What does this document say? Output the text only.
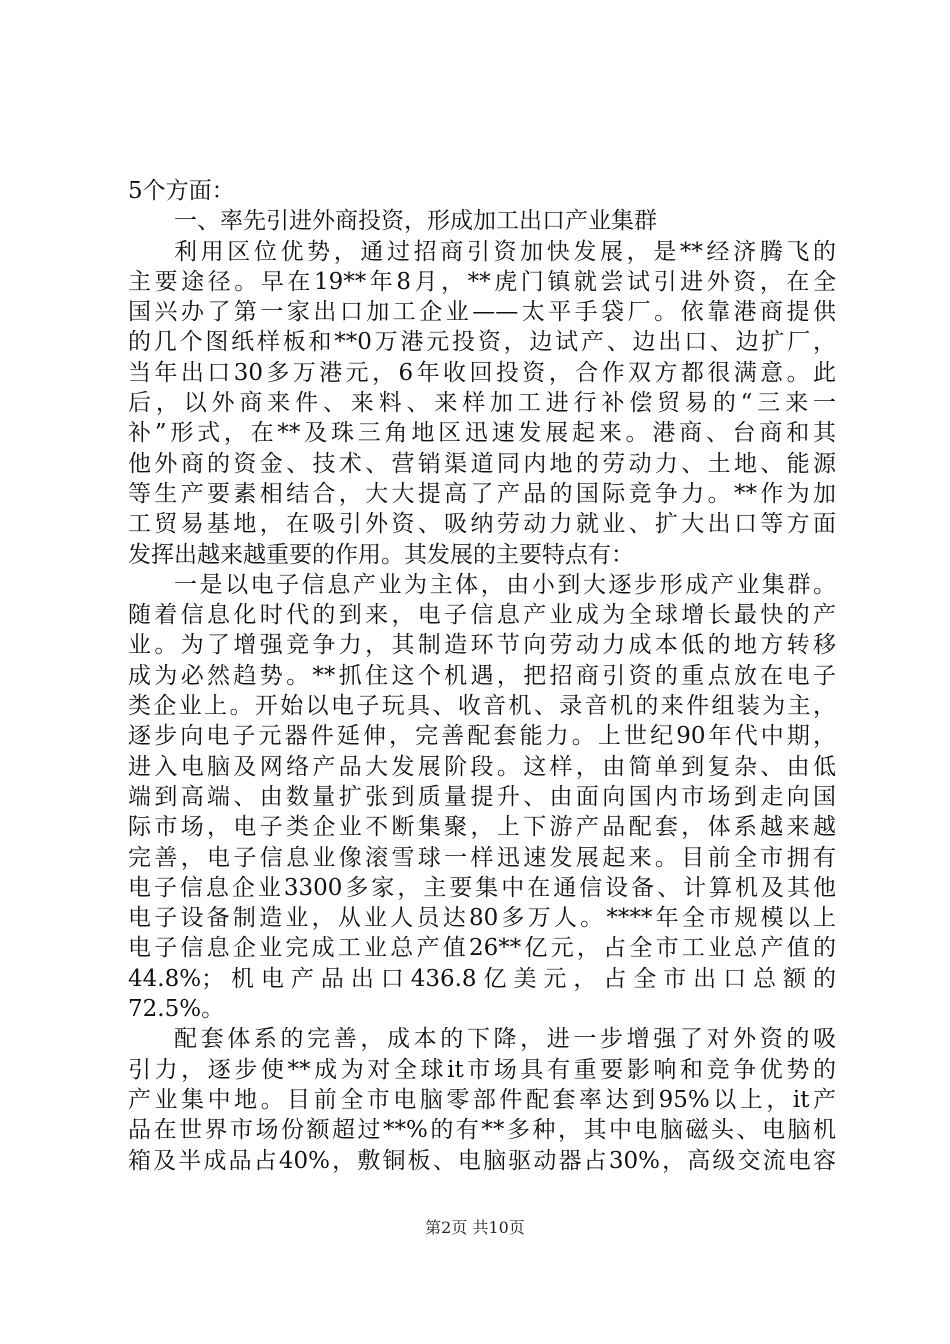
5个方面：
一、率先引进外商投资，形成加工出口产业集群
利用区位优势，通过招商引资加快发展，是**经济腾飞的
主要途径。早在19**年8月，**虎门镇就尝试引进外资，在全
国兴办了第一家出口加工企业——太平手袋厂。依靠港商提供
的几个图纸样板和**0万港元投资，边试产、边出口、边扩厂，
当年出口30多万港元，6年收回投资，合作双方都很满意。此
后，以外商来件、来料、来样加工进行补偿贸易的“三来一
补”形式，在**及珠三角地区迅速发展起来。港商、台商和其
他外商的资金、技术、营销渠道同内地的劳动力、土地、能源
等生产要素相结合，大大提高了产品的国际竞争力。**作为加
工贸易基地，在吸引外资、吸纳劳动力就业、扩大出口等方面
发挥出越来越重要的作用。其发展的主要特点有：
一是以电子信息产业为主体，由小到大逐步形成产业集群。
随着信息化时代的到来，电子信息产业成为全球增长最快的产
业。为了增强竞争力，其制造环节向劳动力成本低的地方转移
成为必然趋势。**抓住这个机遇，把招商引资的重点放在电子
类企业上。开始以电子玩具、收音机、录音机的来件组装为主，
逐步向电子元器件延伸，完善配套能力。上世纪90年代中期，
进入电脑及网络产品大发展阶段。这样，由简单到复杂、由低
端到高端、由数量扩张到质量提升、由面向国内市场到走向国
际市场，电子类企业不断集聚，上下游产品配套，体系越来越
完善，电子信息业像滚雪球一样迅速发展起来。目前全市拥有
电子信息企业3300多家，主要集中在通信设备、计算机及其他
电子设备制造业，从业人员达80多万人。****年全市规模以上
电子信息企业完成工业总产值26**亿元，占全市工业总产值的
44.8%；机电产品出口436.8亿美元，占全市出口总额的
72.5%。
配套体系的完善，成本的下降，进一步增强了对外资的吸
引力，逐步使**成为对全球it市场具有重要影响和竞争优势的
产业集中地。目前全市电脑零部件配套率达到95%以上，it产
品在世界市场份额超过**%的有**多种，其中电脑磁头、电脑机
箱及半成品占40%，敷铜板、电脑驱动器占30%，高级交流电容
第2页 共10页
